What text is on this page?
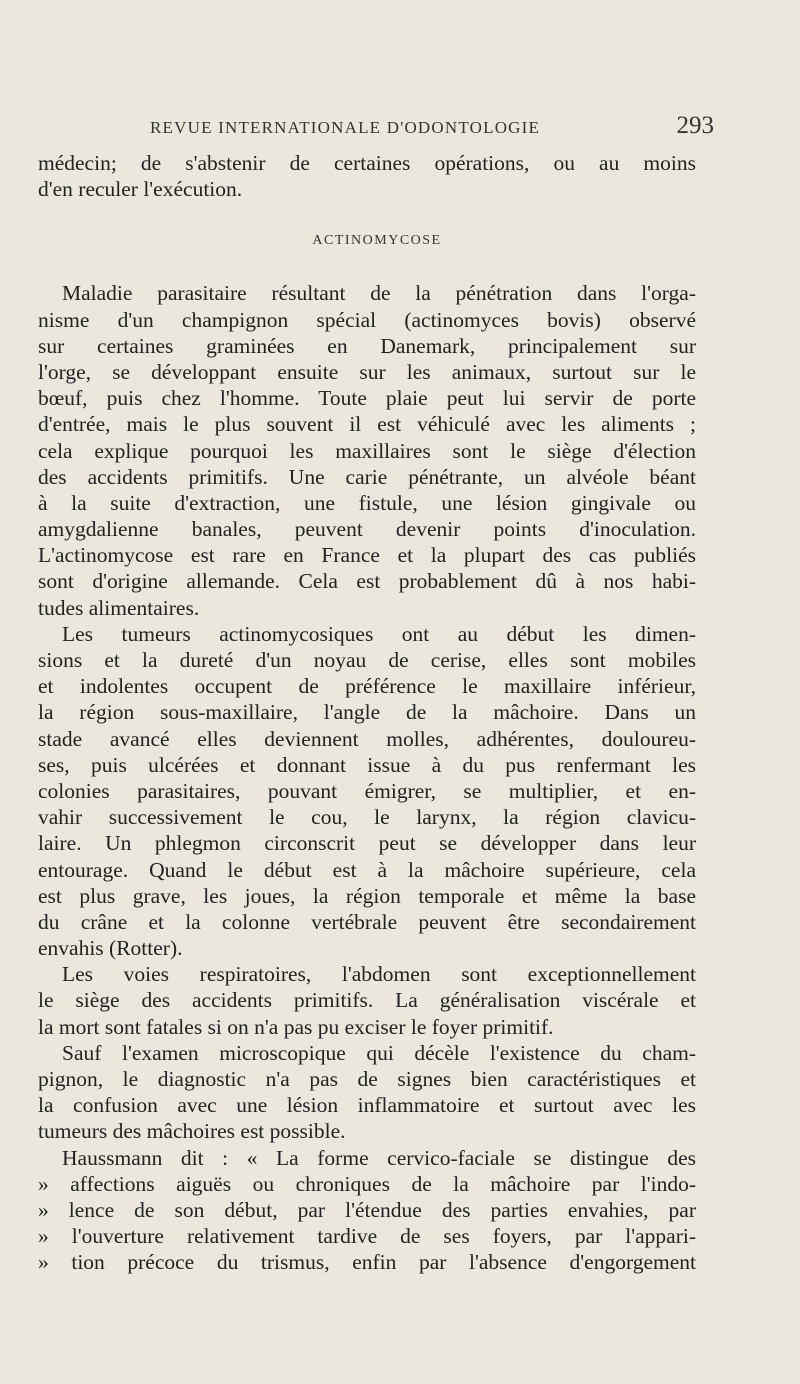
REVUE INTERNATIONALE D'ODONTOLOGIE	293
médecin; de s'abstenir de certaines opérations, ou au moins
d'en reculer l'exécution.
ACTINOMYCOSE
Maladie parasitaire résultant de la pénétration dans l'orga-
nisme d'un champignon spécial (actinomyces bovis) observé
sur certaines graminées en Danemark, principalement sur
l'orge, se développant ensuite sur les animaux, surtout sur le
bœuf, puis chez l'homme. Toute plaie peut lui servir de porte
d'entrée, mais le plus souvent il est véhiculé avec les aliments ;
cela explique pourquoi les maxillaires sont le siège d'élection
des accidents primitifs. Une carie pénétrante, un alvéole béant
à la suite d'extraction, une fistule, une lésion gingivale ou
amygdalienne banales, peuvent devenir points d'inoculation.
L'actinomycose est rare en France et la plupart des cas publiés
sont d'origine allemande. Cela est probablement dû à nos habi-
tudes alimentaires.
Les tumeurs actinomycosiques ont au début les dimen-
sions et la dureté d'un noyau de cerise, elles sont mobiles
et indolentes occupent de préférence le maxillaire inférieur,
la région sous-maxillaire, l'angle de la mâchoire. Dans un
stade avancé elles deviennent molles, adhérentes, douloureu-
ses, puis ulcérées et donnant issue à du pus renfermant les
colonies parasitaires, pouvant émigrer, se multiplier, et en-
vahir successivement le cou, le larynx, la région clavicu-
laire. Un phlegmon circonscrit peut se développer dans leur
entourage. Quand le début est à la mâchoire supérieure, cela
est plus grave, les joues, la région temporale et même la base
du crâne et la colonne vertébrale peuvent être secondairement
envahis (Rotter).
Les voies respiratoires, l'abdomen sont exceptionnellement
le siège des accidents primitifs. La généralisation viscérale et
la mort sont fatales si on n'a pas pu exciser le foyer primitif.
Sauf l'examen microscopique qui décèle l'existence du cham-
pignon, le diagnostic n'a pas de signes bien caractéristiques et
la confusion avec une lésion inflammatoire et surtout avec les
tumeurs des mâchoires est possible.
Haussmann dit : « La forme cervico-faciale se distingue des
» affections aiguës ou chroniques de la mâchoire par l'indo-
» lence de son début, par l'étendue des parties envahies, par
» l'ouverture relativement tardive de ses foyers, par l'appari-
» tion précoce du trismus, enfin par l'absence d'engorgement
